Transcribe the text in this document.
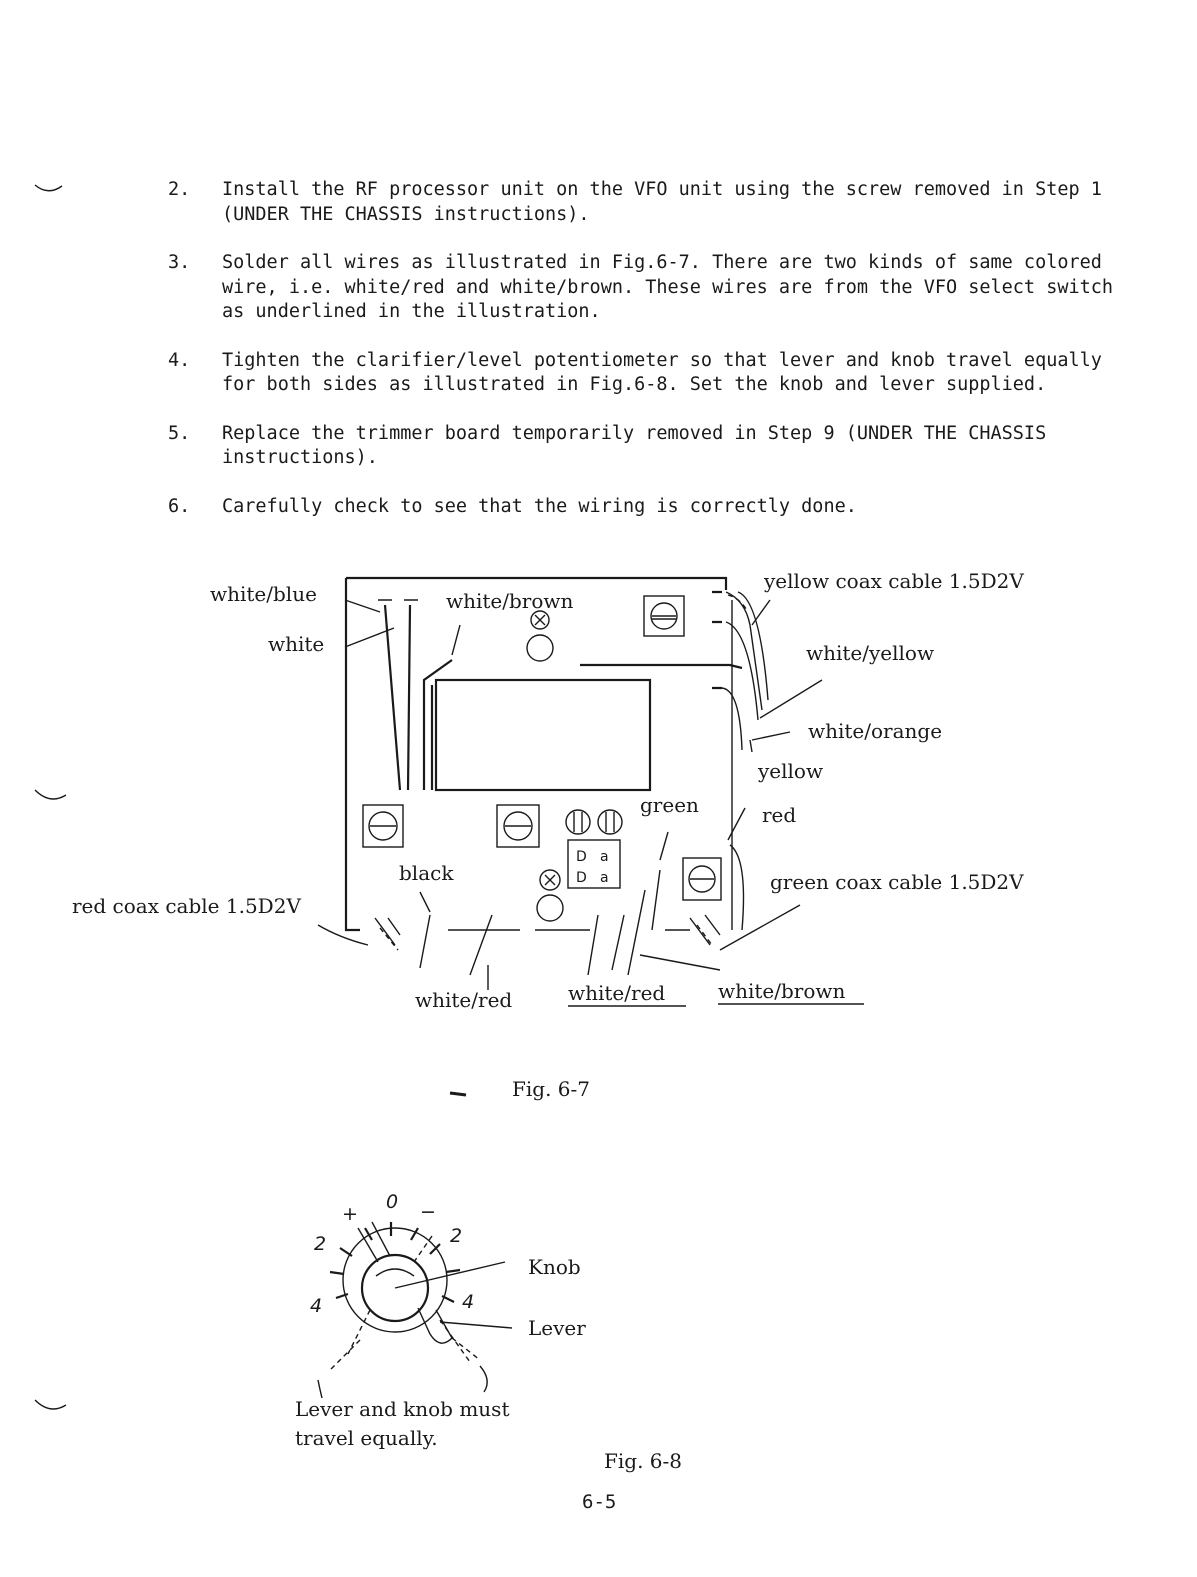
2. Install the RF processor unit on the VFO unit using the screw removed in Step 1 (UNDER THE CHASSIS instructions).
3. Solder all wires as illustrated in Fig.6-7. There are two kinds of same colored wire, i.e. white/red and white/brown. These wires are from the VFO select switch as underlined in the illustration.
4. Tighten the clarifier/level potentiometer so that lever and knob travel equally for both sides as illustrated in Fig.6-8. Set the knob and lever supplied.
5. Replace the trimmer board temporarily removed in Step 9 (UNDER THE CHASSIS instructions).
6. Carefully check to see that the wiring is correctly done.
D a
D a
white/blue
white
white/brown
yellow coax cable 1.5D2V
white/yellow
white/orange
yellow
green	red
black	green coax cable 1.5D2V
red coax cable 1.5D2V
white/red	white/red	white/brown
+
0 −
2	2
4	4
Knob
Lever
Lever and knob must
travel equally.
Fig. 6-7
Fig. 6-8
6-5
